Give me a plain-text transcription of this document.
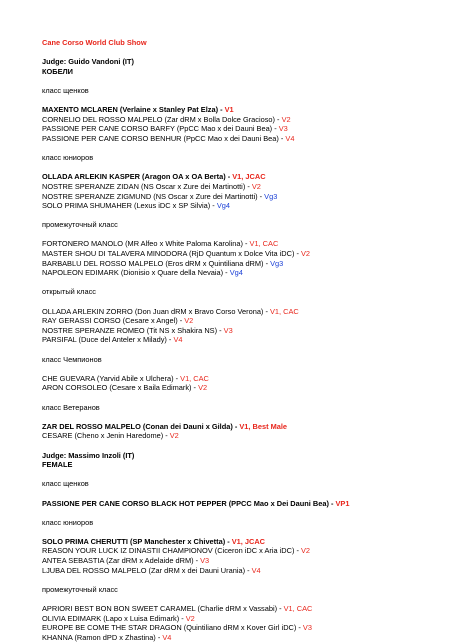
Cane Corso World Club Show
Judge: Guido Vandoni (IT)
КОБЕЛИ
класс щенков
MAXENTO MCLAREN (Verlaine x Stanley Pat Elza) - V1
CORNELIO DEL ROSSO MALPELO (Zar dRM x Bolla Dolce Gracioso) - V2
PASSIONE PER CANE CORSO BARFY (PpCC Mao x dei Dauni Bea) - V3
PASSIONE PER CANE CORSO BENHUR (PpCC Mao x dei Dauni Bea) - V4
класс юниоров
OLLADA ARLEKIN KASPER (Aragon OA x OA Berta) - V1, JCAC
NOSTRE SPERANZE ZIDAN (NS Oscar x Zure dei Martinotti) - V2
NOSTRE SPERANZE ZIGMUND (NS Oscar x Zure dei Martinotti) - Vg3
SOLO PRIMA SHUMAHER (Lexus iDC x SP Silvia) - Vg4
промежуточный класс
FORTONERO MANOLO (MR Alfeo x White Paloma Karolina) - V1, CAC
MASTER SHOU DI TALAVERA MINODORA (RjD Quantum x Dolce Vita iDC) - V2
BARBABLU DEL ROSSO MALPELO (Eros dRM x Quintiliana dRM) - Vg3
NAPOLEON EDIMARK (Dionisio x Quare della Nevaia) - Vg4
открытый класс
OLLADA ARLEKIN ZORRO (Don Juan dRM x Bravo Corso Verona) - V1, CAC
RAY GERASSI CORSO (Cesare x Angel) - V2
NOSTRE SPERANZE ROMEO (Tit NS x Shakira NS) - V3
PARSIFAL (Duce del Anteler x Milady) - V4
класс Чемпионов
CHE GUEVARA (Yarvid Abile x Ulchera) - V1, CAC
ARON CORSOLEO (Cesare x Baila Edimark) - V2
класс Ветеранов
ZAR DEL ROSSO MALPELO (Conan dei Dauni x Gilda) - V1, Best Male
CESARE (Cheno x Jenin Haredome) - V2
Judge: Massimo Inzoli (IT)
FEMALE
класс щенков
PASSIONE PER CANE CORSO BLACK HOT PEPPER (PPCC Mao x Dei Dauni Bea) - VP1
класс юниоров
SOLO PRIMA CHERUTTI (SP Manchester x Chivetta) - V1, JCAC
REASON YOUR LUCK IZ DINASTII CHAMPIONOV (Ciceron iDC x Aria iDC) - V2
ANTEA SEBASTIA (Zar dRM x Adelaide dRM) - V3
LJUBA DEL ROSSO MALPELO (Zar dRM x dei Dauni Urania) - V4
промежуточный класс
APRIORI BEST BON BON SWEET CARAMEL (Charlie dRM x Vassabi) - V1, CAC
OLIVIA EDIMARK (Lapo x Luisa Edimark) - V2
EUROPE BE COME THE STAR DRAGON (Quintiliano dRM x Kover Girl iDC) - V3
KHANNA (Ramon dPD x Zhastina) - V4
